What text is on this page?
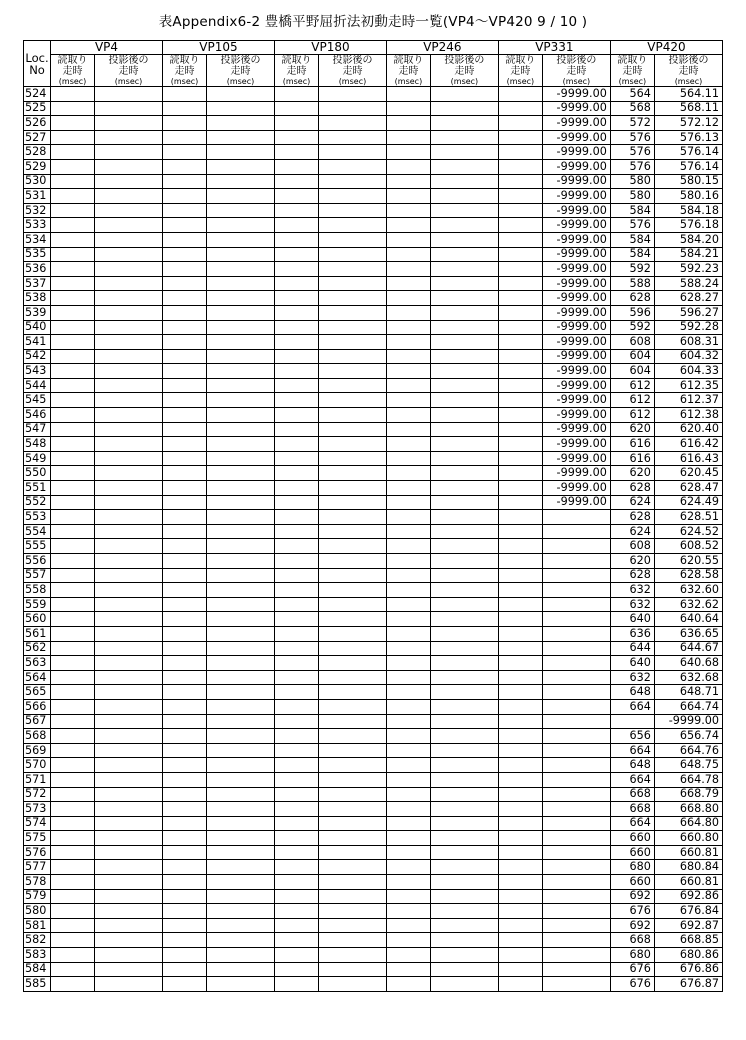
表Appendix6-2 豊橋平野屈折法初動走時一覧(VP4～VP420 9 / 10 )
Loc.
No	VP4		VP105		VP180		VP246		VP331		VP420	
	読取り
走時
(msec)	投影後の
走時
(msec)	読取り
走時
(msec)	投影後の
走時
(msec)	読取り
走時
(msec)	投影後の
走時
(msec)	読取り
走時
(msec)	投影後の
走時
(msec)	読取り
走時
(msec)	投影後の
走時
(msec)	読取り
走時
(msec)	投影後の
走時
(msec)

524										-9999.00	564	564.11
525										-9999.00	568	568.11
526										-9999.00	572	572.12
527										-9999.00	576	576.13
528										-9999.00	576	576.14
529										-9999.00	576	576.14
530										-9999.00	580	580.15
531										-9999.00	580	580.16
532										-9999.00	584	584.18
533										-9999.00	576	576.18
534										-9999.00	584	584.20
535										-9999.00	584	584.21
536										-9999.00	592	592.23
537										-9999.00	588	588.24
538										-9999.00	628	628.27
539										-9999.00	596	596.27
540										-9999.00	592	592.28
541										-9999.00	608	608.31
542										-9999.00	604	604.32
543										-9999.00	604	604.33
544										-9999.00	612	612.35
545										-9999.00	612	612.37
546										-9999.00	612	612.38
547										-9999.00	620	620.40
548										-9999.00	616	616.42
549										-9999.00	616	616.43
550										-9999.00	620	620.45
551										-9999.00	628	628.47
552										-9999.00	624	624.49
553											628	628.51
554											624	624.52
555											608	608.52
556											620	620.55
557											628	628.58
558											632	632.60
559											632	632.62
560											640	640.64
561											636	636.65
562											644	644.67
563											640	640.68
564											632	632.68
565											648	648.71
566											664	664.74
567												-9999.00
568											656	656.74
569											664	664.76
570											648	648.75
571											664	664.78
572											668	668.79
573											668	668.80
574											664	664.80
575											660	660.80
576											660	660.81
577											680	680.84
578											660	660.81
579											692	692.86
580											676	676.84
581											692	692.87
582											668	668.85
583											680	680.86
584											676	676.86
585											676	676.87
